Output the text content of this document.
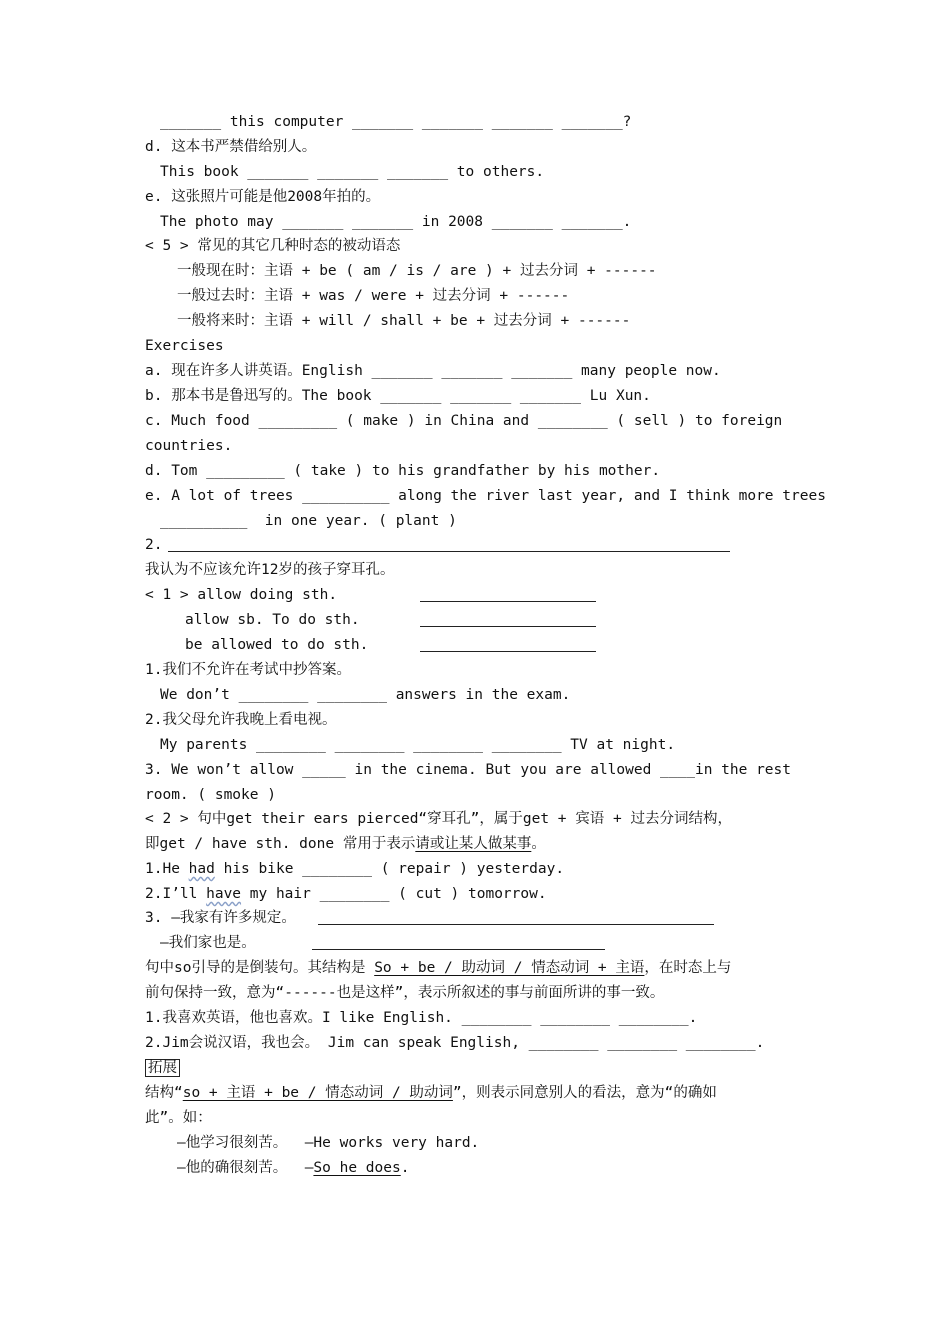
_______ this computer _______ _______ _______ _______?
d. 这本书严禁借给别人。
This book _______ _______ _______ to others.
e. 这张照片可能是他2008年拍的。
The photo may _______ _______ in 2008 _______ _______.
< 5 > 常见的其它几种时态的被动语态
一般现在时：主语 + be ( am / is / are ) + 过去分词 + ------
一般过去时：主语 + was / were + 过去分词 + ------
一般将来时：主语 + will / shall + be + 过去分词 + ------
Exercises
a. 现在许多人讲英语。English _______ _______ _______ many people now.
b. 那本书是鲁迅写的。The book _______ _______ _______ Lu Xun.
c. Much food _________ ( make ) in China and ________ ( sell ) to foreign
countries.
d. Tom _________ ( take ) to his grandfather by his mother.
e. A lot of trees __________ along the river last year, and I think more trees
__________  in one year. ( plant )
2.
我认为不应该允许12岁的孩子穿耳孔。
< 1 > allow doing sth.
allow sb. To do sth.
be allowed to do sth.
1.我们不允许在考试中抄答案。
We don’t ________ ________ answers in the exam.
2.我父母允许我晚上看电视。
My parents ________ ________ ________ ________ TV at night.
3. We won’t allow _____ in the cinema. But you are allowed ____in the rest
room. ( smoke )
< 2 > 句中get their ears pierced“穿耳孔”，属于get + 宾语 + 过去分词结构，
即get / have sth. done 常用于表示请或让某人做某事。
1.He had his bike ________ ( repair ) yesterday.
2.I’ll have my hair ________ ( cut ) tomorrow.
3. —我家有许多规定。
—我们家也是。
句中so引导的是倒装句。其结构是 So + be / 助动词 / 情态动词 + 主语，在时态上与
前句保持一致，意为“------也是这样”，表示所叙述的事与前面所讲的事一致。
1.我喜欢英语，他也喜欢。I like English. ________ ________ ________.
2.Jim会说汉语，我也会。 Jim can speak English, ________ ________ ________.
拓展
结构“so + 主语 + be / 情态动词 / 助动词”，则表示同意别人的看法，意为“的确如
此”。如：
—他学习很刻苦。  —He works very hard.
—他的确很刻苦。  —So he does.
